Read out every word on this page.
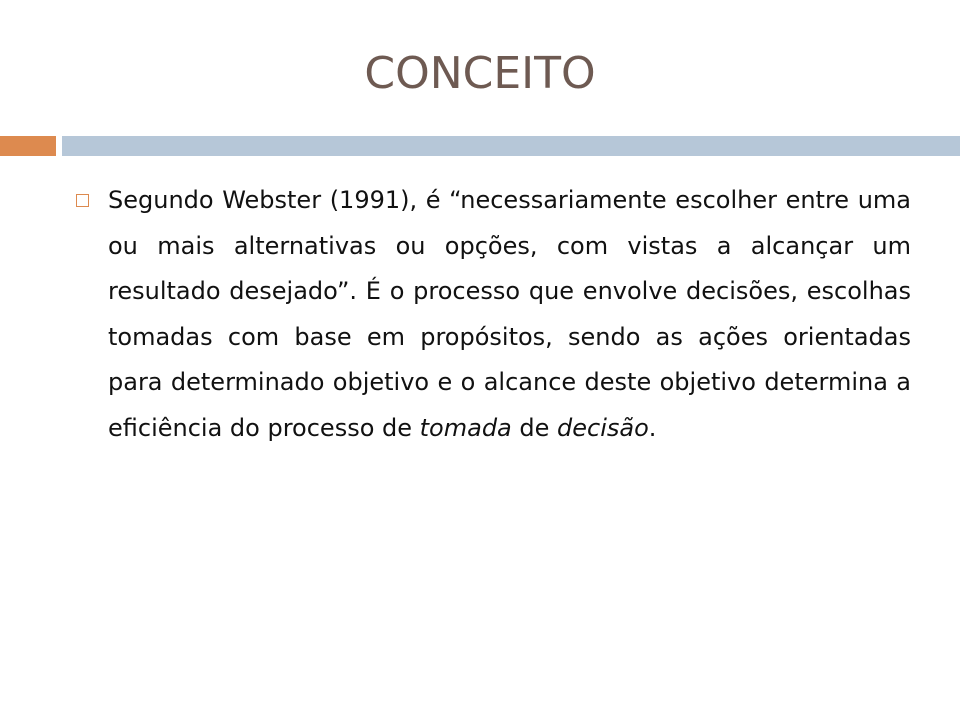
CONCEITO
Segundo Webster (1991), é “necessariamente escolher entre uma ou mais alternativas ou opções, com vistas a alcançar um resultado desejado”. É o processo que envolve decisões, escolhas tomadas com base em propósitos, sendo as ações orientadas para determinado objetivo e o alcance deste objetivo determina a eficiência do processo de tomada de decisão.
